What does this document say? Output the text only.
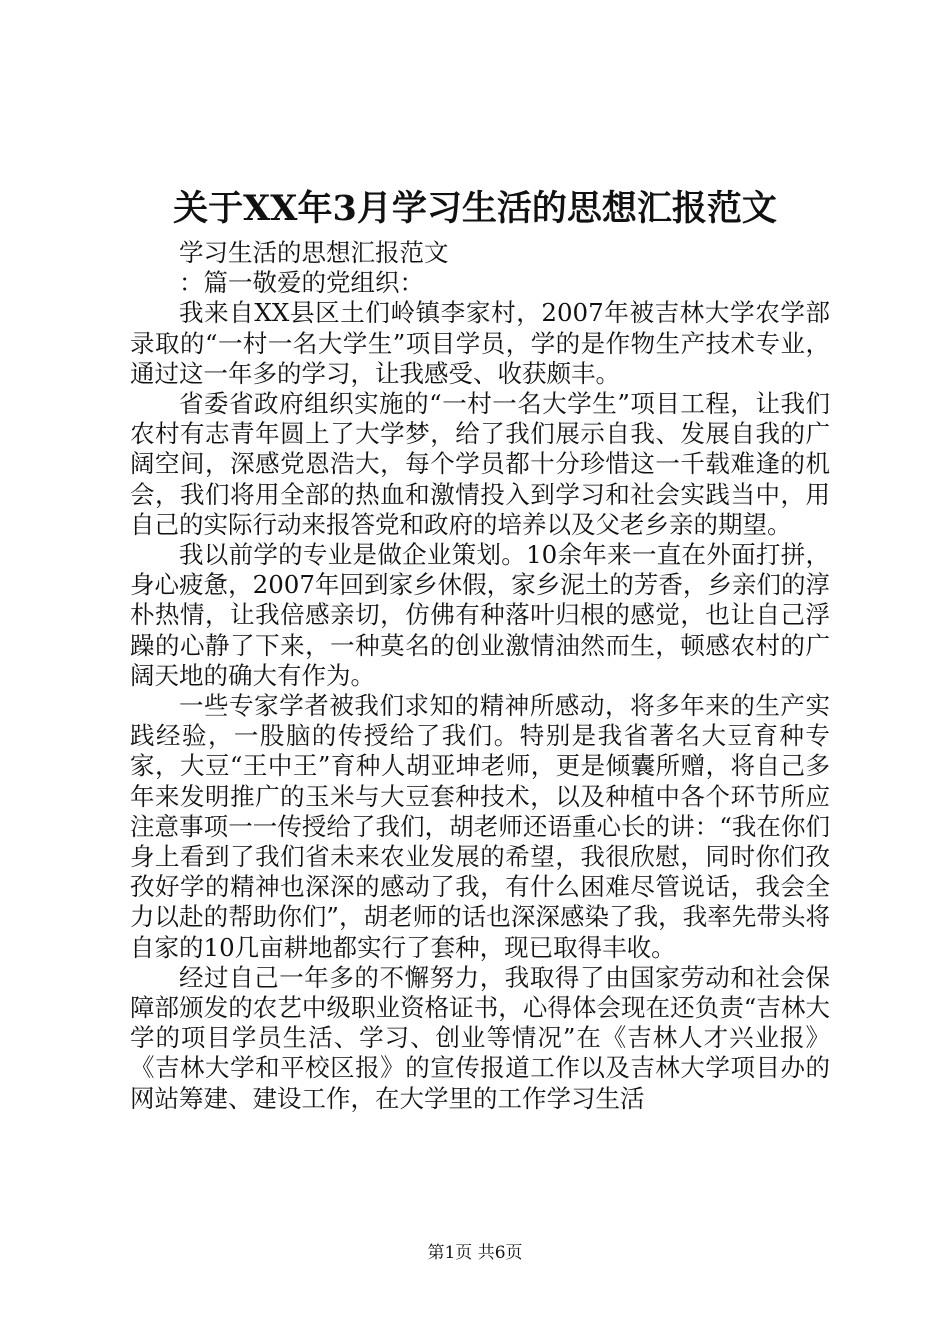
关于XX年3月学习生活的思想汇报范文

学习生活的思想汇报范文

：篇一敬爱的党组织：

我来自XX县区土们岭镇李家村，2007年被吉林大学农学部录取的“一村一名大学生”项目学员，学的是作物生产技术专业，通过这一年多的学习，让我感受、收获颇丰。

省委省政府组织实施的“一村一名大学生”项目工程，让我们农村有志青年圆上了大学梦，给了我们展示自我、发展自我的广阔空间，深感党恩浩大，每个学员都十分珍惜这一千载难逢的机会，我们将用全部的热血和激情投入到学习和社会实践当中，用自己的实际行动来报答党和政府的培养以及父老乡亲的期望。

我以前学的专业是做企业策划。10余年来一直在外面打拼，身心疲惫，2007年回到家乡休假，家乡泥土的芳香，乡亲们的淳朴热情，让我倍感亲切，仿佛有种落叶归根的感觉，也让自己浮躁的心静了下来，一种莫名的创业激情油然而生，顿感农村的广阔天地的确大有作为。

一些专家学者被我们求知的精神所感动，将多年来的生产实践经验，一股脑的传授给了我们。特别是我省著名大豆育种专家，大豆“王中王”育种人胡亚坤老师，更是倾囊所赠，将自己多年来发明推广的玉米与大豆套种技术，以及种植中各个环节所应注意事项一一传授给了我们，胡老师还语重心长的讲：“我在你们身上看到了我们省未来农业发展的希望，我很欣慰，同时你们孜孜好学的精神也深深的感动了我，有什么困难尽管说话，我会全力以赴的帮助你们”，胡老师的话也深深感染了我，我率先带头将自家的10几亩耕地都实行了套种，现已取得丰收。

经过自己一年多的不懈努力，我取得了由国家劳动和社会保障部颁发的农艺中级职业资格证书，心得体会现在还负责“吉林大学的项目学员生活、学习、创业等情况”在《吉林人才兴业报》《吉林大学和平校区报》的宣传报道工作以及吉林大学项目办的网站筹建、建设工作，在大学里的工作学习生活

第1页 共6页
